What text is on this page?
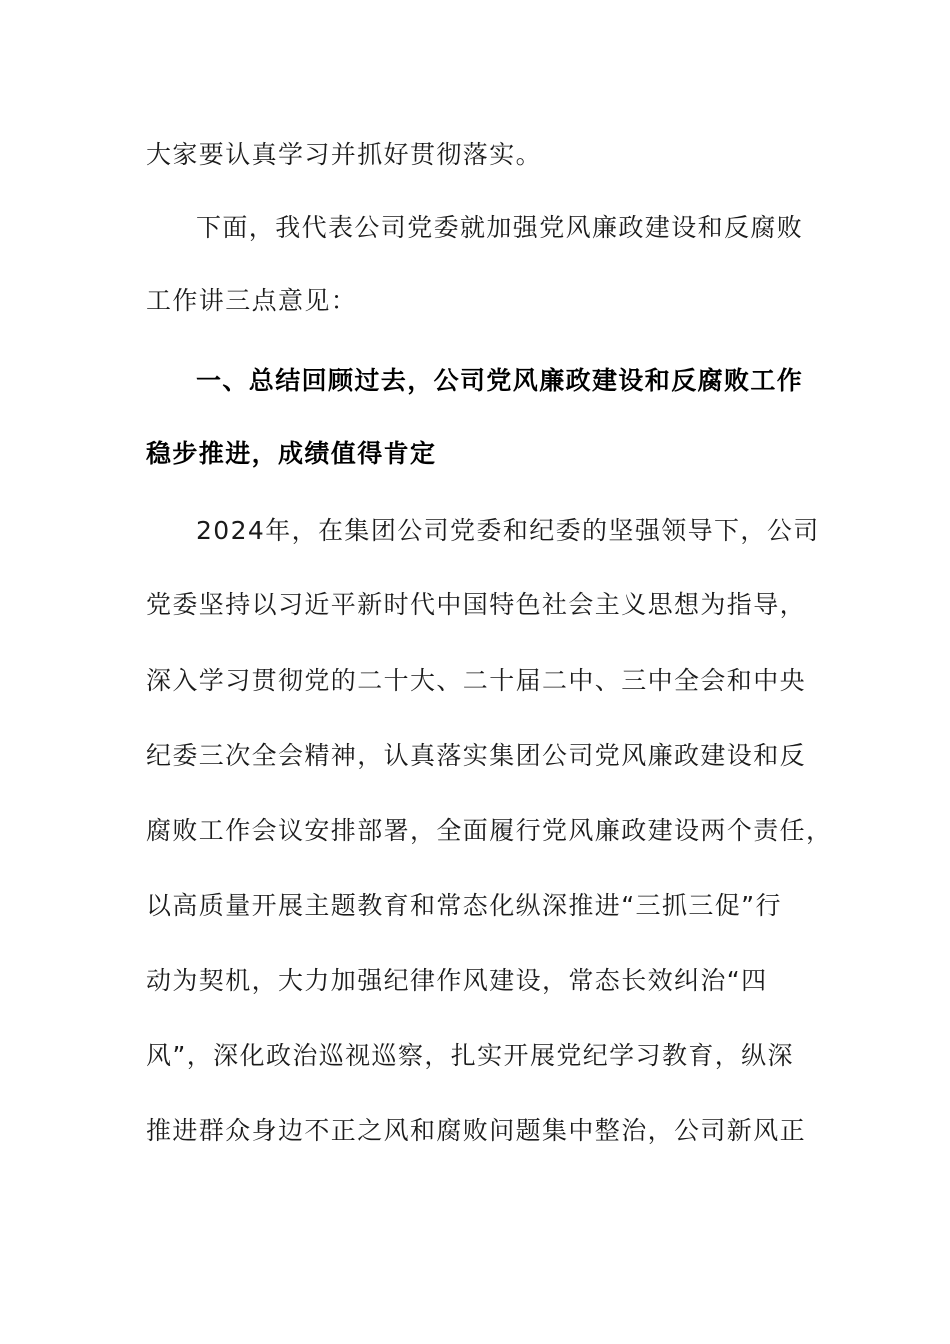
大家要认真学习并抓好贯彻落实。
下面，我代表公司党委就加强党风廉政建设和反腐败
工作讲三点意见：
一、总结回顾过去，公司党风廉政建设和反腐败工作
稳步推进，成绩值得肯定
2024年，在集团公司党委和纪委的坚强领导下，公司
党委坚持以习近平新时代中国特色社会主义思想为指导，
深入学习贯彻党的二十大、二十届二中、三中全会和中央
纪委三次全会精神，认真落实集团公司党风廉政建设和反
腐败工作会议安排部署，全面履行党风廉政建设两个责任，
以高质量开展主题教育和常态化纵深推进“三抓三促”行
动为契机，大力加强纪律作风建设，常态长效纠治“四
风”，深化政治巡视巡察，扎实开展党纪学习教育，纵深
推进群众身边不正之风和腐败问题集中整治，公司新风正
